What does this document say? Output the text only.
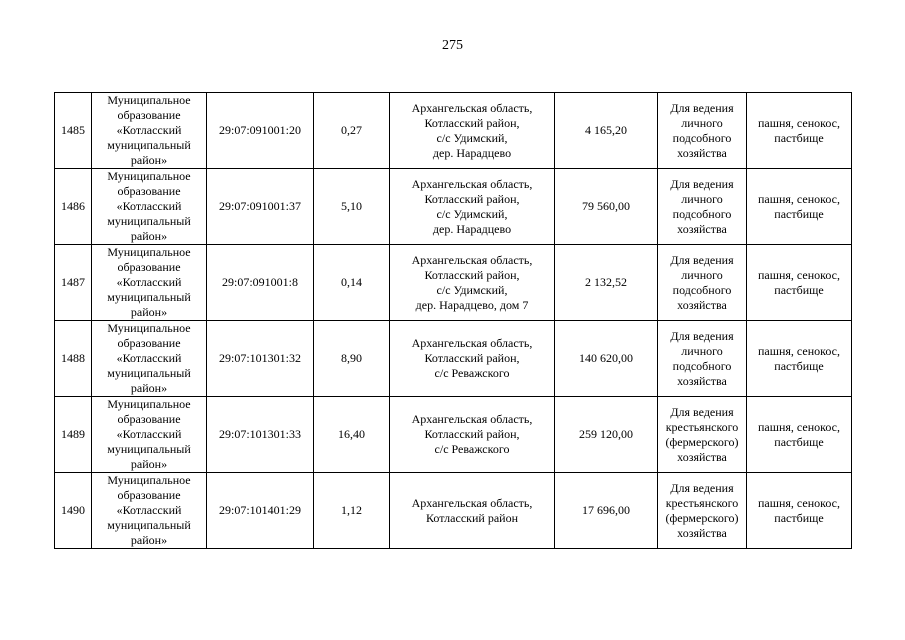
275
1485	Муниципальное
образование
«Котласский
муниципальный
район»	29:07:091001:20	0,27	Архангельская область,
Котласский район,
с/с Удимский,
дер. Нарадцево	4 165,20	Для ведения
личного
подсобного
хозяйства	пашня, сенокос,
пастбище
1486	Муниципальное
образование
«Котласский
муниципальный
район»	29:07:091001:37	5,10	Архангельская область,
Котласский район,
с/с Удимский,
дер. Нарадцево	79 560,00	Для ведения
личного
подсобного
хозяйства	пашня, сенокос,
пастбище
1487	Муниципальное
образование
«Котласский
муниципальный
район»	29:07:091001:8	0,14	Архангельская область,
Котласский район,
с/с Удимский,
дер. Нарадцево, дом 7	2 132,52	Для ведения
личного
подсобного
хозяйства	пашня, сенокос,
пастбище
1488	Муниципальное
образование
«Котласский
муниципальный
район»	29:07:101301:32	8,90	Архангельская область,
Котласский район,
с/с Реважского	140 620,00	Для ведения
личного
подсобного
хозяйства	пашня, сенокос,
пастбище
1489	Муниципальное
образование
«Котласский
муниципальный
район»	29:07:101301:33	16,40	Архангельская область,
Котласский район,
с/с Реважского	259 120,00	Для ведения
крестьянского
(фермерского)
хозяйства	пашня, сенокос,
пастбище
1490	Муниципальное
образование
«Котласский
муниципальный
район»	29:07:101401:29	1,12	Архангельская область,
Котласский район	17 696,00	Для ведения
крестьянского
(фермерского)
хозяйства	пашня, сенокос,
пастбище
